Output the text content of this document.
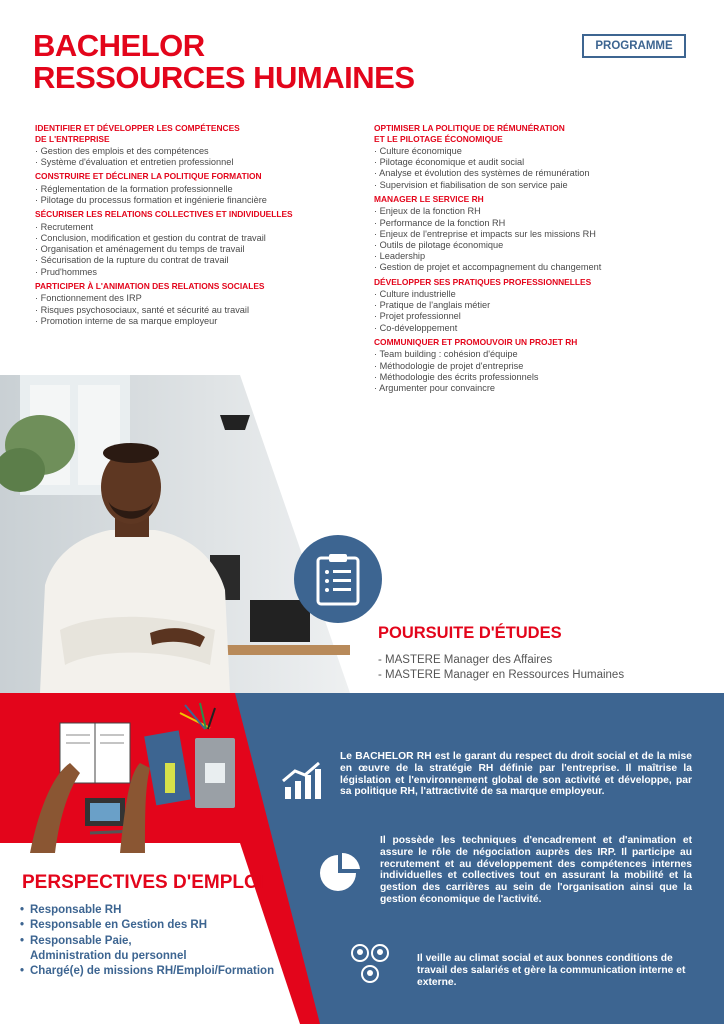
BACHELOR
RESSOURCES HUMAINES
PROGRAMME

IDENTIFIER ET DÉVELOPPER LES COMPÉTENCES
DE L'ENTREPRISE

· Gestion des emplois et des compétences

· Système d'évaluation et entretien professionnel

CONSTRUIRE ET DÉCLINER LA POLITIQUE FORMATION

· Réglementation de la formation professionnelle

· Pilotage du processus formation et ingénierie financière

SÉCURISER LES RELATIONS COLLECTIVES ET INDIVIDUELLES

· Recrutement

· Conclusion, modification et gestion du contrat de travail

· Organisation et aménagement du temps de travail

· Sécurisation de la rupture du contrat de travail

· Prud'hommes

PARTICIPER À L'ANIMATION DES RELATIONS SOCIALES

· Fonctionnement des IRP

· Risques psychosociaux, santé et sécurité au travail

· Promotion interne de sa marque employeur

OPTIMISER LA POLITIQUE DE RÉMUNÉRATION
ET LE PILOTAGE ÉCONOMIQUE

· Culture économique

· Pilotage économique et audit social

· Analyse et évolution des systèmes de rémunération

· Supervision et fiabilisation de son service paie

MANAGER LE SERVICE RH

· Enjeux de la fonction RH

· Performance de la fonction RH

· Enjeux de l'entreprise et impacts sur les missions RH

· Outils de pilotage économique

· Leadership

· Gestion de projet et accompagnement du changement

DÉVELOPPER SES PRATIQUES PROFESSIONNELLES

· Culture industrielle

· Pratique de l'anglais métier

· Projet professionnel

· Co-développement

COMMUNIQUER ET PROMOUVOIR UN PROJET RH

· Team building : cohésion d'équipe

· Méthodologie de projet d'entreprise

· Méthodologie des écrits professionnels

· Argumenter pour convaincre

POURSUITE D'ÉTUDES

- MASTERE Manager des Affaires

- MASTERE Manager en Ressources Humaines

Le BACHELOR RH est le garant du respect du droit social et de la mise en œuvre de la stratégie RH définie par l'entreprise. Il maîtrise la législation et l'environnement global de son activité et développe, par sa politique RH, l'attractivité de sa marque employeur.

Il possède les techniques d'encadrement et d'animation et assure le rôle de négociation auprès des IRP. Il participe au recrutement et au développement des compétences internes individuelles et collectives tout en assurant la mobilité et la gestion des carrières au sein de l'organisation ainsi que la gestion économique de l'activité.

Il veille au climat social et aux bonnes conditions de travail des salariés et gère la communication interne et externe.

PERSPECTIVES D'EMPLOI
• Responsable RH
• Responsable en Gestion des RH
• Responsable Paie,
Administration du personnel
• Chargé(e) de missions RH/Emploi/Formation
